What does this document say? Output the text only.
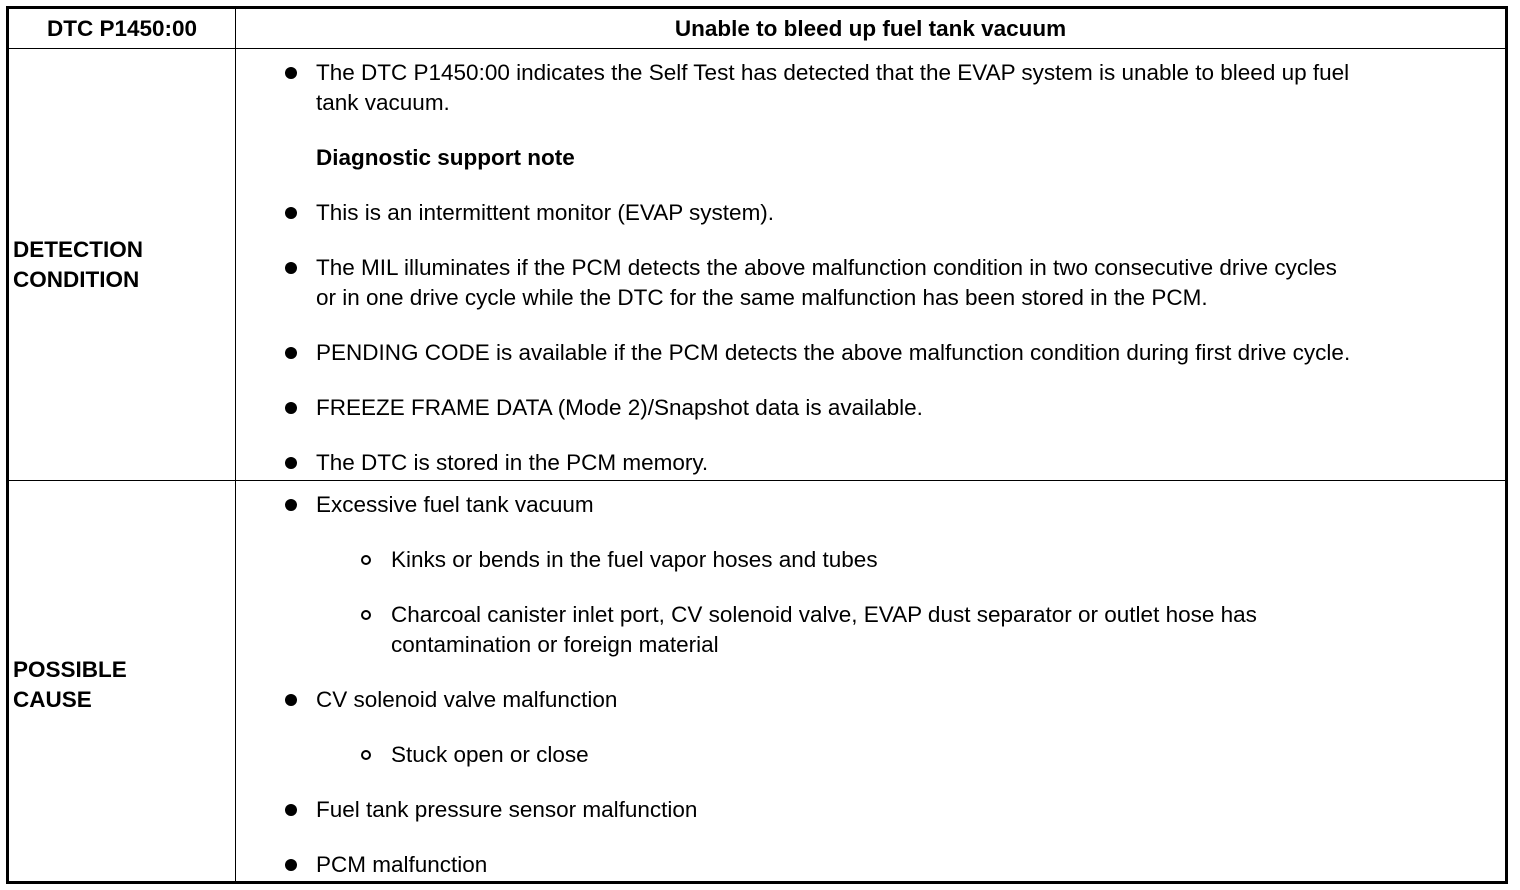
DTC P1450:00	Unable to bleed up fuel tank vacuum
DETECTION
CONDITION
The DTC P1450:00 indicates the Self Test has detected that the EVAP system is unable to bleed up fuel
tank vacuum.
Diagnostic support note
This is an intermittent monitor (EVAP system).
The MIL illuminates if the PCM detects the above malfunction condition in two consecutive drive cycles
or in one drive cycle while the DTC for the same malfunction has been stored in the PCM.
PENDING CODE is available if the PCM detects the above malfunction condition during first drive cycle.
FREEZE FRAME DATA (Mode 2)/Snapshot data is available.
The DTC is stored in the PCM memory.
POSSIBLE
CAUSE
Excessive fuel tank vacuum
Kinks or bends in the fuel vapor hoses and tubes
Charcoal canister inlet port, CV solenoid valve, EVAP dust separator or outlet hose has
contamination or foreign material
CV solenoid valve malfunction
Stuck open or close
Fuel tank pressure sensor malfunction
PCM malfunction
